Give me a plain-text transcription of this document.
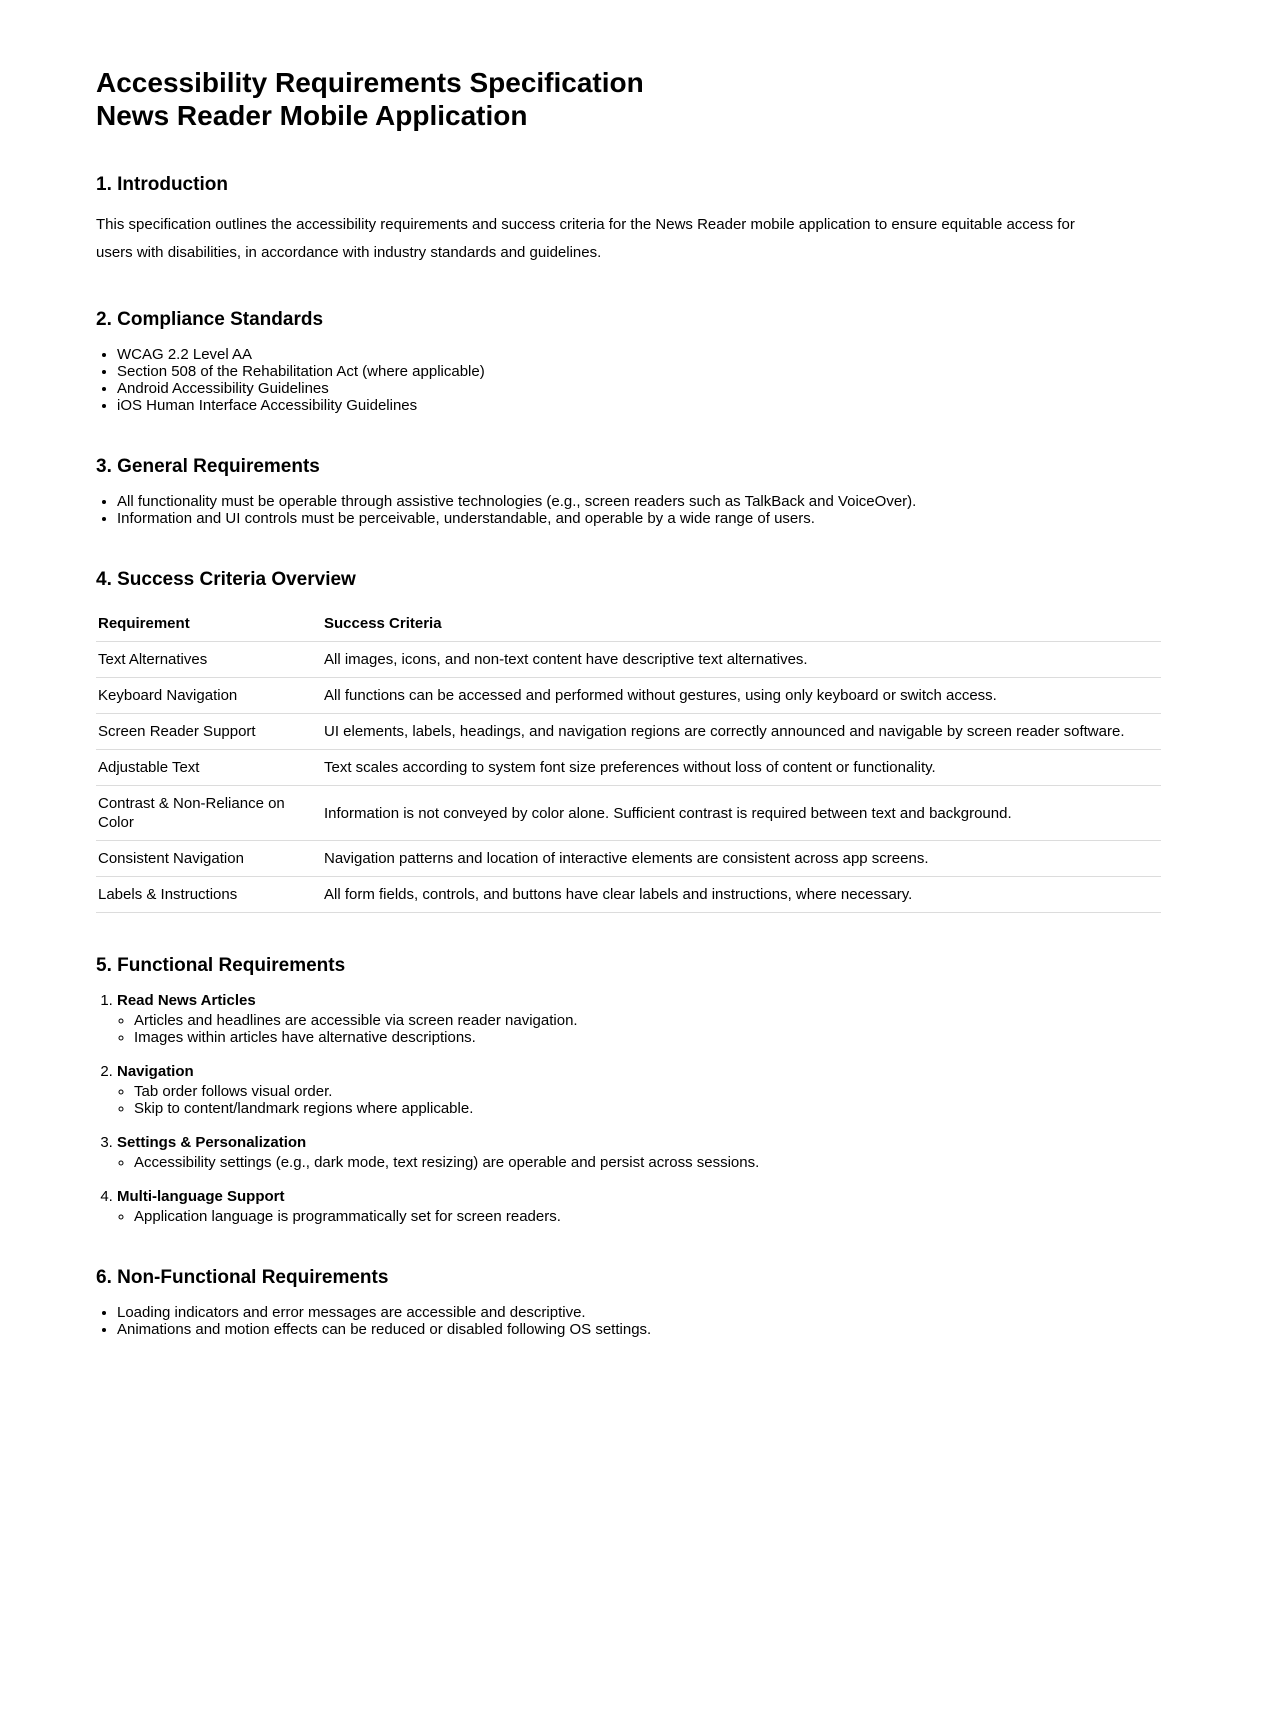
Accessibility Requirements Specification
News Reader Mobile Application
1. Introduction

This specification outlines the accessibility requirements and success criteria for the News Reader mobile application to ensure equitable access for users with disabilities, in accordance with industry standards and guidelines.

2. Compliance Standards
• WCAG 2.2 Level AA
• Section 508 of the Rehabilitation Act (where applicable)
• Android Accessibility Guidelines
• iOS Human Interface Accessibility Guidelines
3. General Requirements
• All functionality must be operable through assistive technologies (e.g., screen readers such as TalkBack and VoiceOver).
• Information and UI controls must be perceivable, understandable, and operable by a wide range of users.
4. Success Criteria Overview
Requirement	Success Criteria
Text Alternatives	All images, icons, and non-text content have descriptive text alternatives.
Keyboard Navigation	All functions can be accessed and performed without gestures, using only keyboard or switch access.
Screen Reader Support	UI elements, labels, headings, and navigation regions are correctly announced and navigable by screen reader software.
Adjustable Text	Text scales according to system font size preferences without loss of content or functionality.
Contrast & Non-Reliance on Color	Information is not conveyed by color alone. Sufficient contrast is required between text and background.
Consistent Navigation	Navigation patterns and location of interactive elements are consistent across app screens.
Labels & Instructions	All form fields, controls, and buttons have clear labels and instructions, where necessary.
5. Functional Requirements
1. Read News Articles
◦ Articles and headlines are accessible via screen reader navigation.
◦ Images within articles have alternative descriptions.
2. Navigation
◦ Tab order follows visual order.
◦ Skip to content/landmark regions where applicable.
3. Settings & Personalization
◦ Accessibility settings (e.g., dark mode, text resizing) are operable and persist across sessions.
4. Multi-language Support
◦ Application language is programmatically set for screen readers.
6. Non-Functional Requirements
• Loading indicators and error messages are accessible and descriptive.
• Animations and motion effects can be reduced or disabled following OS settings.
